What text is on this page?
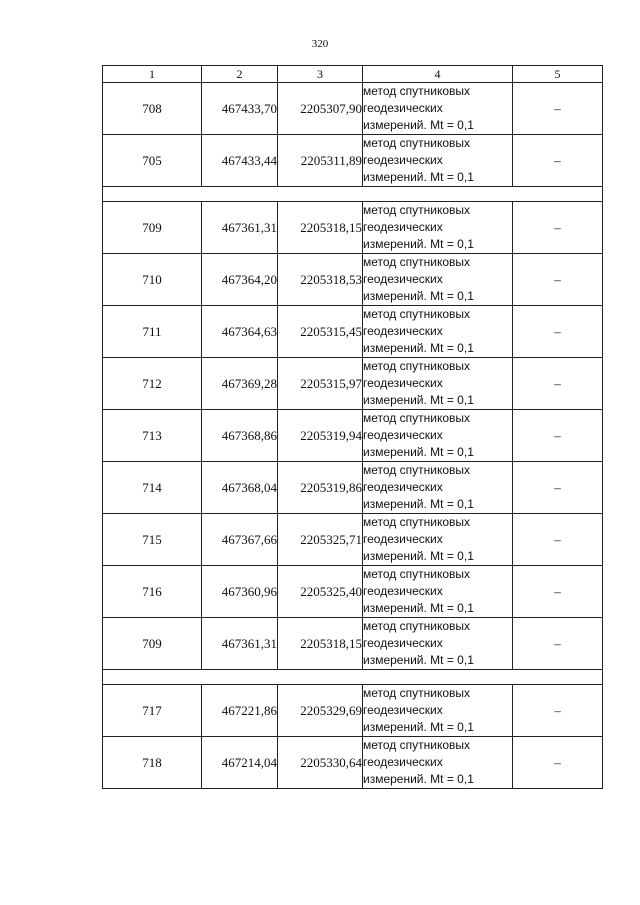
320
1	2	3	4	5
708	467433,70	2205307,90	метод спутниковых
геодезических
измерений. Mt = 0,1	–
705	467433,44	2205311,89	метод спутниковых
геодезических
измерений. Mt = 0,1	–

709	467361,31	2205318,15	метод спутниковых
геодезических
измерений. Mt = 0,1	–
710	467364,20	2205318,53	метод спутниковых
геодезических
измерений. Mt = 0,1	–
711	467364,63	2205315,45	метод спутниковых
геодезических
измерений. Mt = 0,1	–
712	467369,28	2205315,97	метод спутниковых
геодезических
измерений. Mt = 0,1	–
713	467368,86	2205319,94	метод спутниковых
геодезических
измерений. Mt = 0,1	–
714	467368,04	2205319,86	метод спутниковых
геодезических
измерений. Mt = 0,1	–
715	467367,66	2205325,71	метод спутниковых
геодезических
измерений. Mt = 0,1	–
716	467360,96	2205325,40	метод спутниковых
геодезических
измерений. Mt = 0,1	–
709	467361,31	2205318,15	метод спутниковых
геодезических
измерений. Mt = 0,1	–

717	467221,86	2205329,69	метод спутниковых
геодезических
измерений. Mt = 0,1	–
718	467214,04	2205330,64	метод спутниковых
геодезических
измерений. Mt = 0,1	–
